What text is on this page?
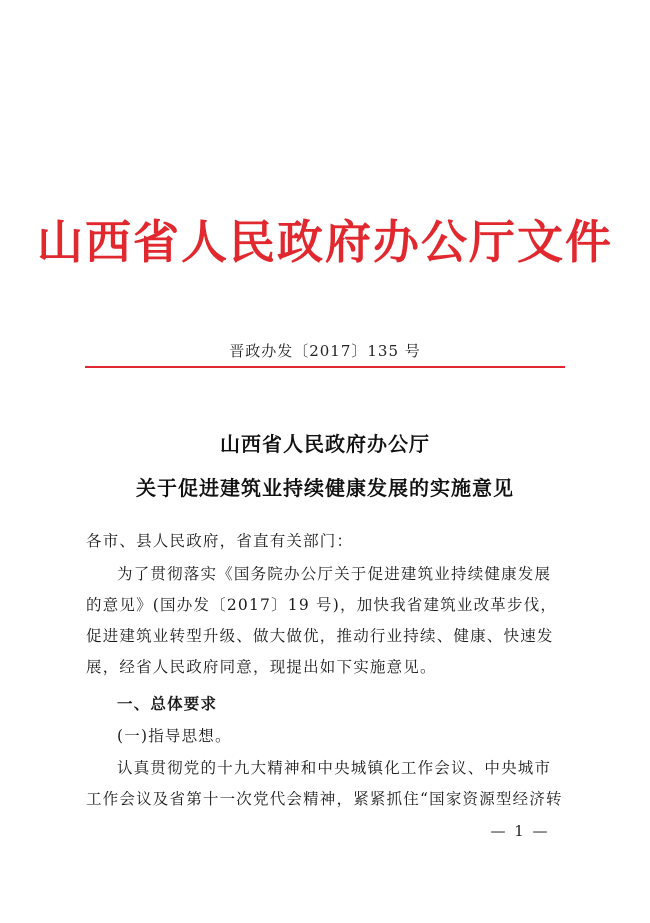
山西省人民政府办公厅文件
晋政办发〔2017〕135 号
山西省人民政府办公厅
关于促进建筑业持续健康发展的实施意见

各市、县人民政府，省直有关部门：

为了贯彻落实《国务院办公厅关于促进建筑业持续健康发展的意见》(国办发〔2017〕19 号)，加快我省建筑业改革步伐，促进建筑业转型升级、做大做优，推动行业持续、健康、快速发展，经省人民政府同意，现提出如下实施意见。

一、总体要求

(一)指导思想。

认真贯彻党的十九大精神和中央城镇化工作会议、中央城市工作会议及省第十一次党代会精神，紧紧抓住“国家资源型经济转

— 1 —
